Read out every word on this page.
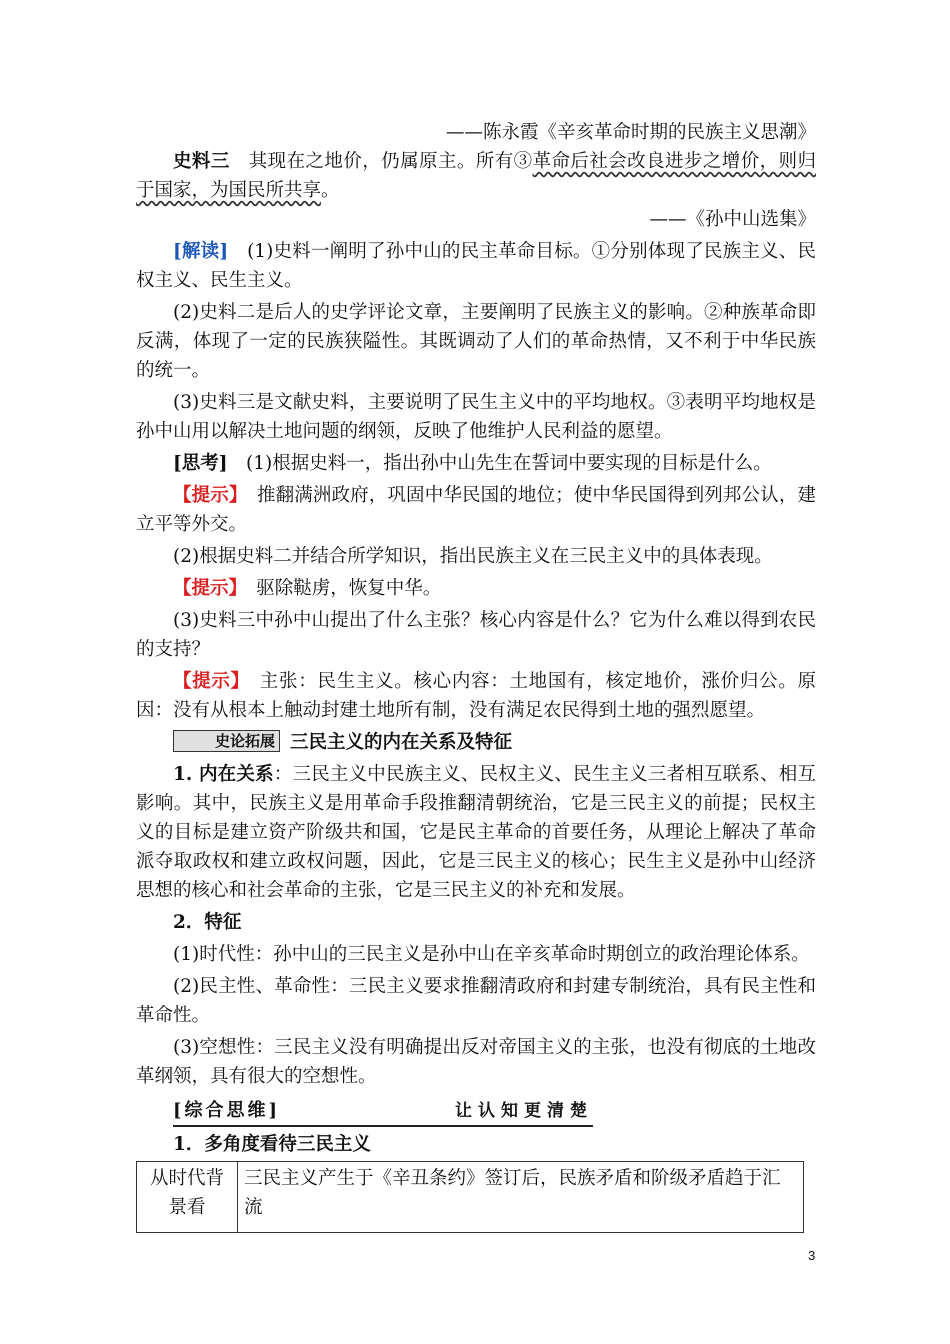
——陈永霞《辛亥革命时期的民族主义思潮》

史料三　 其现在之地价，仍属原主。所有③革命后社会改良进步之增价，则归于国家，为国民所共享。

——《孙中山选集》

[解读]　 (1)史料一阐明了孙中山的民主革命目标。①分别体现了民族主义、民权主义、民生主义。

(2)史料二是后人的史学评论文章，主要阐明了民族主义的影响。②种族革命即反满，体现了一定的民族狭隘性。其既调动了人们的革命热情，又不利于中华民族的统一。

(3)史料三是文献史料，主要说明了民生主义中的平均地权。③表明平均地权是孙中山用以解决土地问题的纲领，反映了他维护人民利益的愿望。

[思考]　 (1)根据史料一，指出孙中山先生在誓词中要实现的目标是什么。

【提示】　 推翻满洲政府，巩固中华民国的地位；使中华民国得到列邦公认，建立平等外交。

(2)根据史料二并结合所学知识，指出民族主义在三民主义中的具体表现。

【提示】　 驱除鞑虏，恢复中华。

(3)史料三中孙中山提出了什么主张？核心内容是什么？它为什么难以得到农民的支持？

【提示】　 主张：民生主义。核心内容：土地国有，核定地价，涨价归公。原因：没有从根本上触动封建土地所有制，没有满足农民得到土地的强烈愿望。

史论拓展 三民主义的内在关系及特征

1. 内在关系：三民主义中民族主义、民权主义、民生主义三者相互联系、相互影响。其中，民族主义是用革命手段推翻清朝统治，它是三民主义的前提；民权主义的目标是建立资产阶级共和国，它是民主革命的首要任务，从理论上解决了革命派夺取政权和建立政权问题，因此，它是三民主义的核心；民生主义是孙中山经济思想的核心和社会革命的主张，它是三民主义的补充和发展。

2．特征

(1)时代性：孙中山的三民主义是孙中山在辛亥革命时期创立的政治理论体系。

(2)民主性、革命性：三民主义要求推翻清政府和封建专制统治，具有民主性和革命性。

(3)空想性：三民主义没有明确提出反对帝国主义的主张，也没有彻底的土地改革纲领，具有很大的空想性。

[综合思维]	让认知更清楚

1．多角度看待三民主义

从时代背景看	三民主义产生于《辛丑条约》签订后，民族矛盾和阶级矛盾趋于汇流
3
